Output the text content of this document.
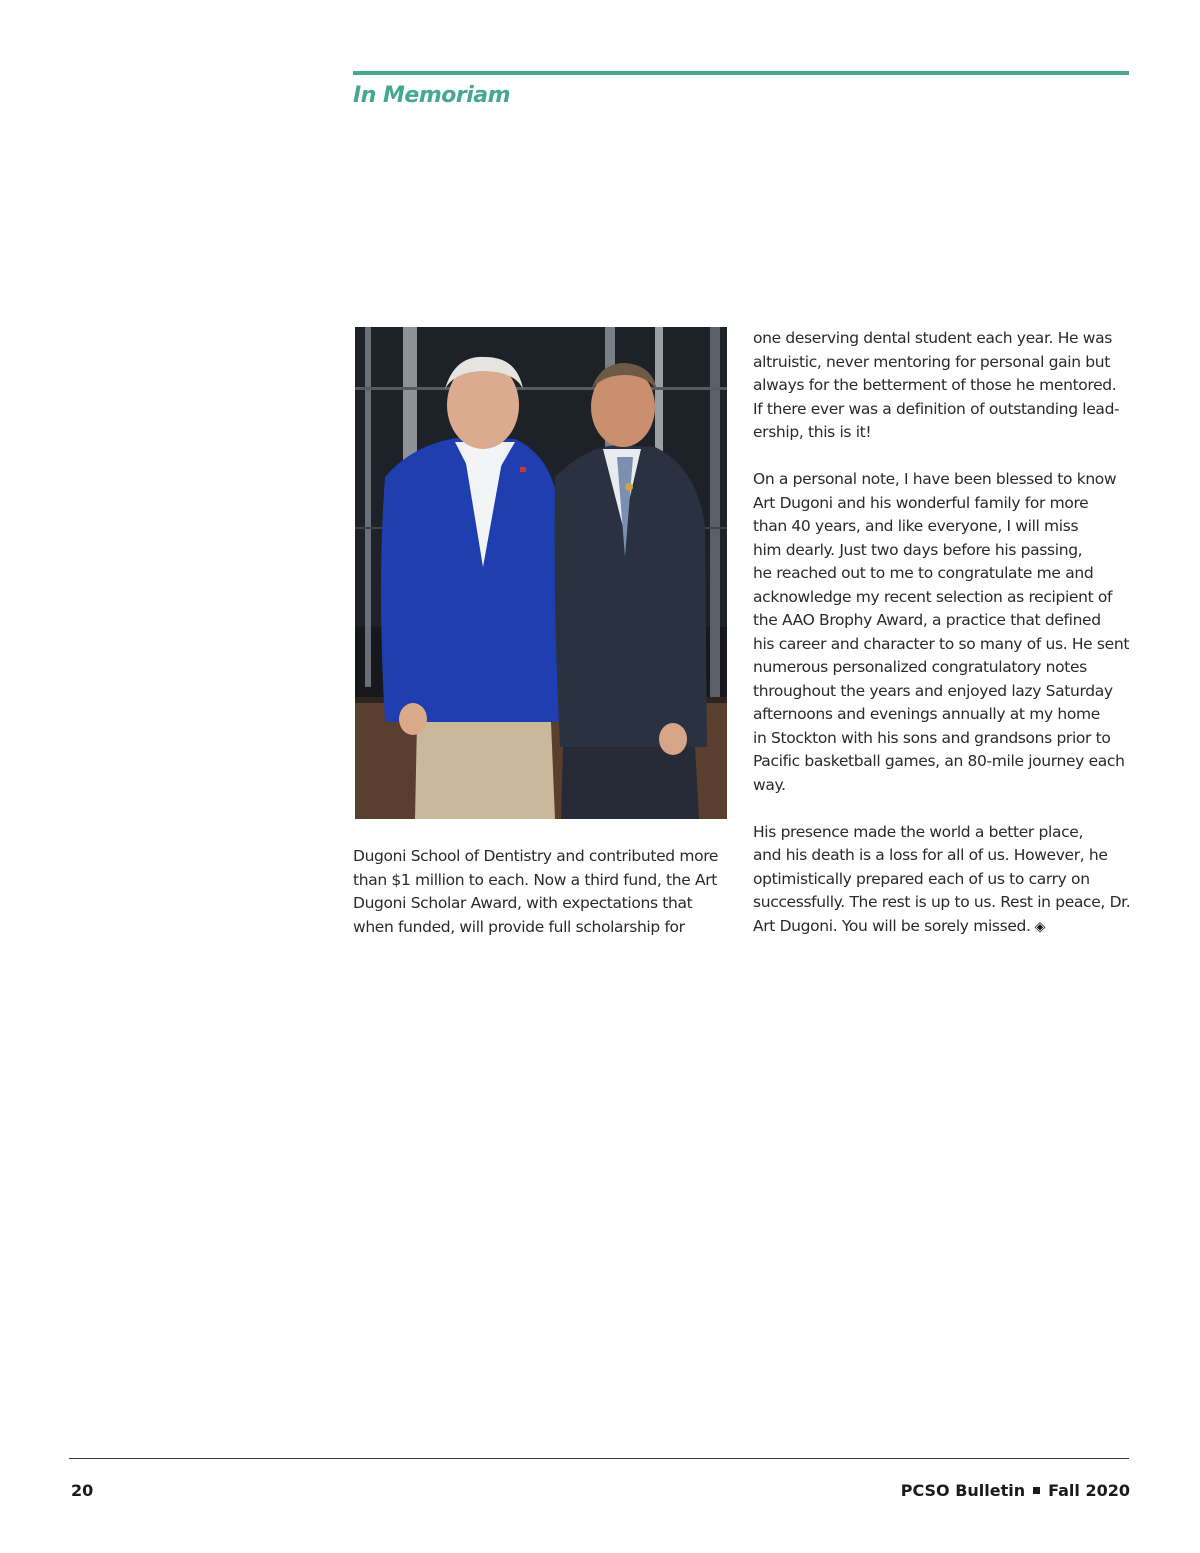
In Memoriam

Dugoni School of Dentistry and contributed more
than $1 million to each. Now a third fund, the Art
Dugoni Scholar Award, with expectations that
when funded, will provide full scholarship for

one deserving dental student each year. He was
altruistic, never mentoring for personal gain but
always for the betterment of those he mentored.
If there ever was a definition of outstanding lead-
ership, this is it!

On a personal note, I have been blessed to know
Art Dugoni and his wonderful family for more
than 40 years, and like everyone, I will miss
him dearly. Just two days before his passing,
he reached out to me to congratulate me and
acknowledge my recent selection as recipient of
the AAO Brophy Award, a practice that defined
his career and character to so many of us. He sent
numerous personalized congratulatory notes
throughout the years and enjoyed lazy Saturday
afternoons and evenings annually at my home
in Stockton with his sons and grandsons prior to
Pacific basketball games, an 80-mile journey each
way.

His presence made the world a better place,
and his death is a loss for all of us. However, he
optimistically prepared each of us to carry on
successfully. The rest is up to us. Rest in peace, Dr.
Art Dugoni. You will be sorely missed. ◈

20	PCSO Bulletin Fall 2020
